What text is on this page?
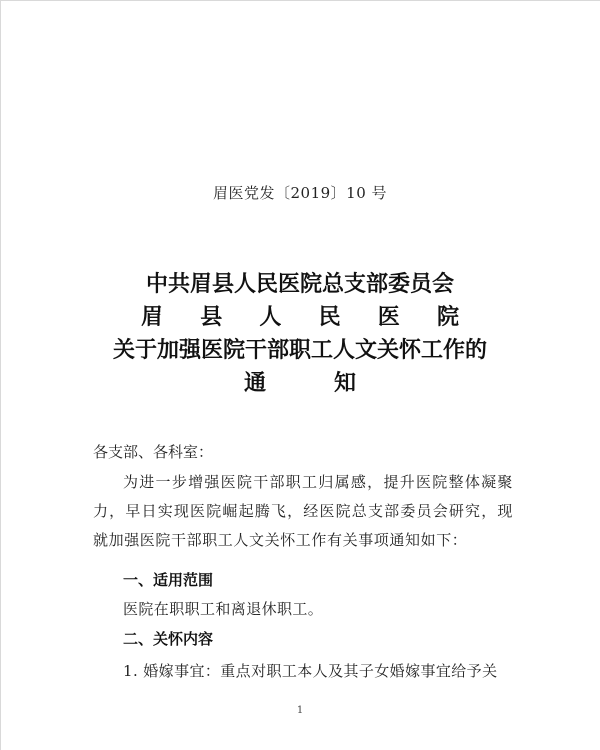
眉医党发〔2019〕10 号
中共眉县人民医院总支部委员会
眉 县 人 民 医 院
关于加强医院干部职工人文关怀工作的
通	知
各支部、各科室：
为进一步增强医院干部职工归属感，提升医院整体凝聚力，早日实现医院崛起腾飞，经医院总支部委员会研究，现就加强医院干部职工人文关怀工作有关事项通知如下：
一、适用范围
医院在职职工和离退休职工。
二、关怀内容
1. 婚嫁事宜：重点对职工本人及其子女婚嫁事宜给予关
1
